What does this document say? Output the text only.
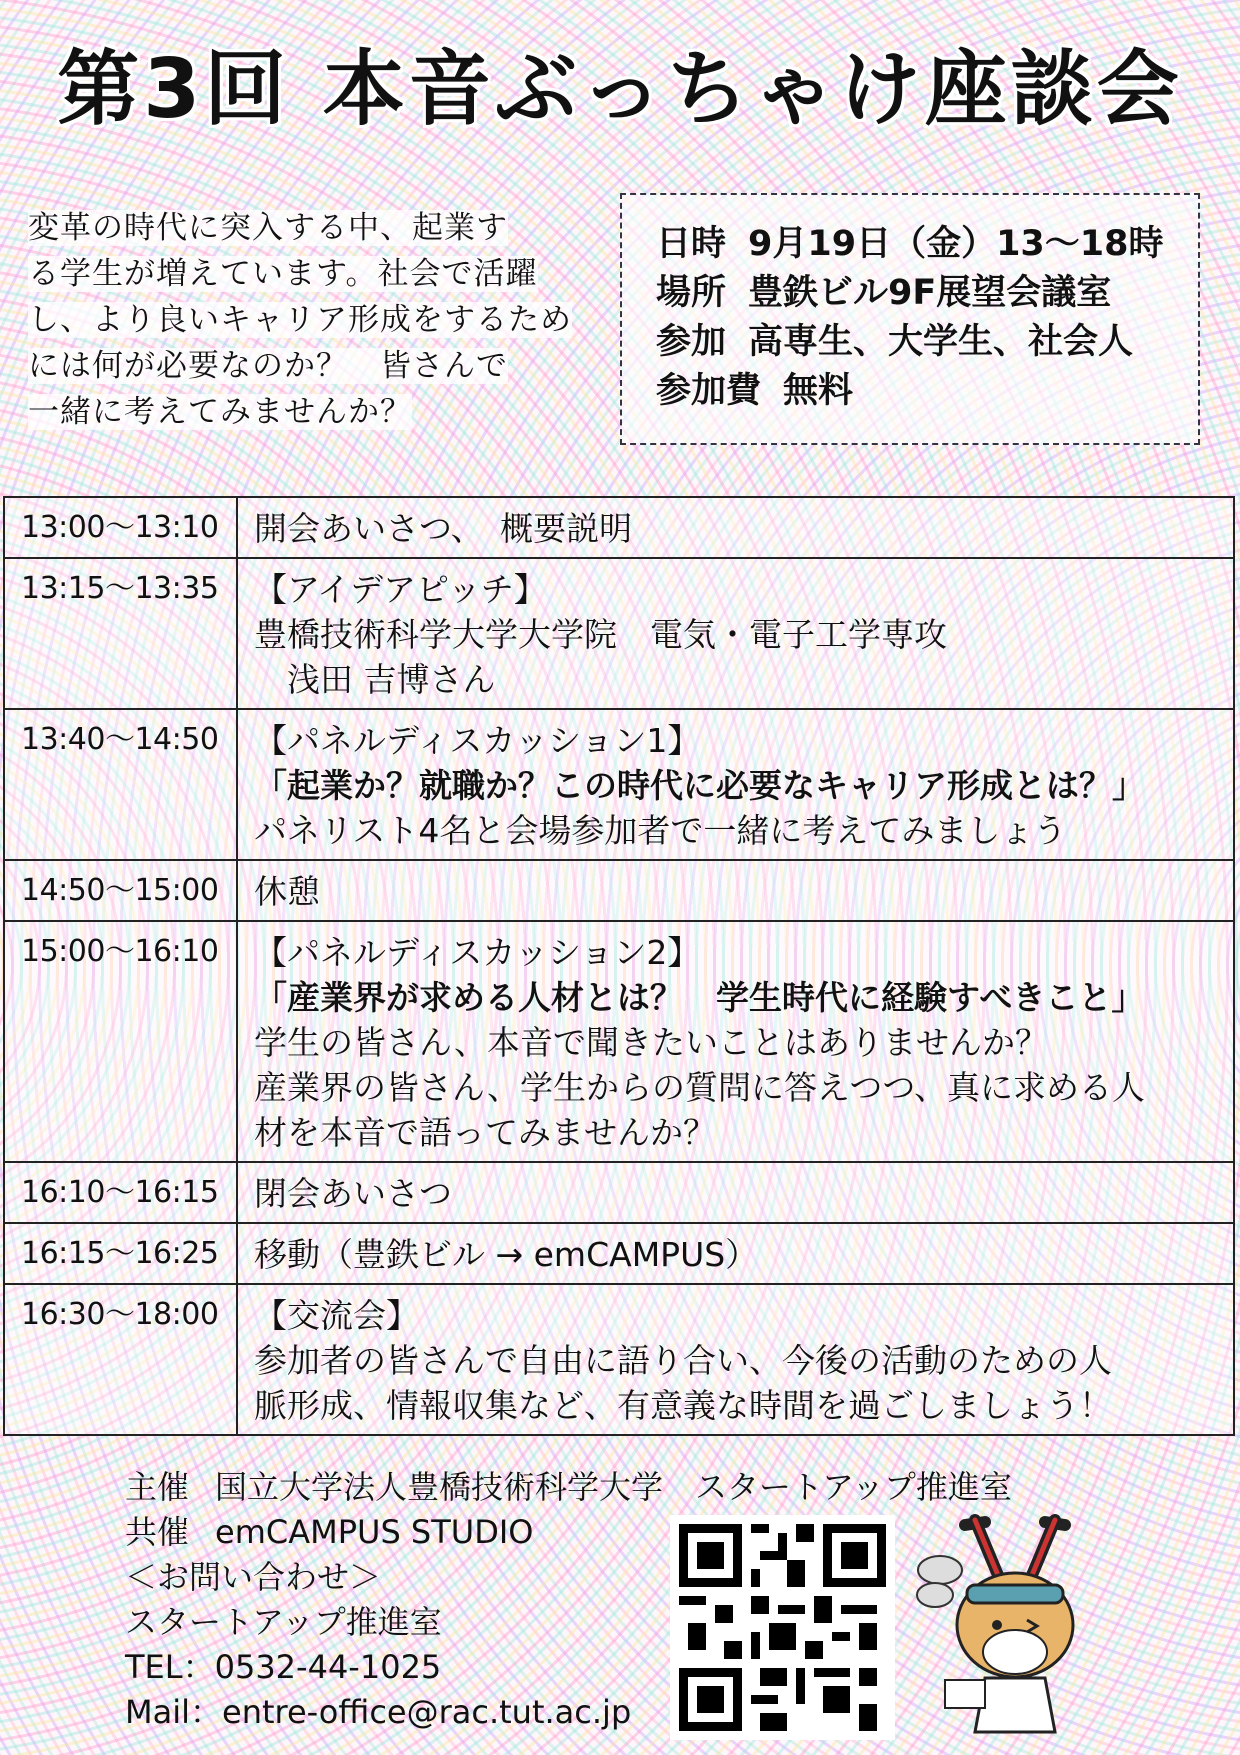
第3回 本音ぶっちゃけ座談会
変革の時代に突入する中、起業す
る学生が増えています。社会で活躍
し、より良いキャリア形成をするため
には何が必要なのか？　皆さんで
一緒に考えてみませんか？
日時 9月19日（金）13～18時
場所 豊鉄ビル9F展望会議室
参加 高専生、大学生、社会人
参加費 無料
13:00～13:10	開会あいさつ、　概要説明

13:15～13:35	【アイデアピッチ】
豊橋技術科学大学大学院　電気・電子工学専攻
　浅田 吉博さん

13:40～14:50	【パネルディスカッション1】
「起業か？就職か？この時代に必要なキャリア形成とは？」
パネリスト4名と会場参加者で一緒に考えてみましょう

14:50～15:00	休憩

15:00～16:10	【パネルディスカッション2】
「産業界が求める人材とは？　学生時代に経験すべきこと」
学生の皆さん、本音で聞きたいことはありませんか？
産業界の皆さん、学生からの質問に答えつつ、真に求める人
材を本音で語ってみませんか？

16:10～16:15	閉会あいさつ

16:15～16:25	移動（豊鉄ビル → emCAMPUS）

16:30～18:00	【交流会】
参加者の皆さんで自由に語り合い、今後の活動のための人
脈形成、情報収集など、有意義な時間を過ごしましょう！
主催 国立大学法人豊橋技術科学大学　スタートアップ推進室
共催 emCAMPUS STUDIO
＜お問い合わせ＞
スタートアップ推進室
TEL：0532-44-1025
Mail：entre-office@rac.tut.ac.jp
